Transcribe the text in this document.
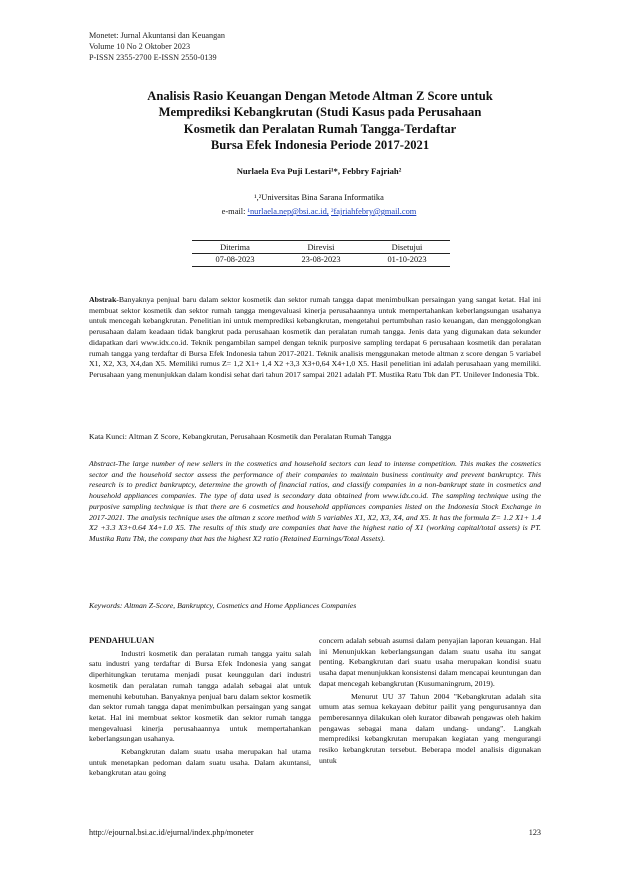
Monetet: Jurnal Akuntansi dan Keuangan
Volume 10 No 2 Oktober 2023
P-ISSN 2355-2700 E-ISSN 2550-0139
Analisis Rasio Keuangan Dengan Metode Altman Z Score untuk
Memprediksi Kebangkrutan (Studi Kasus pada Perusahaan
Kosmetik dan Peralatan Rumah Tangga-Terdaftar
Bursa Efek Indonesia Periode 2017-2021
Nurlaela Eva Puji Lestari¹*, Febbry Fajriah²
¹,²Universitas Bina Sarana Informatika
e-mail: ¹nurlaela.nep@bsi.ac.id, ²fajriahfebry@gmail.com
Diterima	Direvisi	Disetujui
07-08-2023	23-08-2023	01-10-2023
Abstrak-Banyaknya penjual baru dalam sektor kosmetik dan sektor rumah tangga dapat menimbulkan persaingan yang sangat ketat. Hal ini membuat sektor kosmetik dan sektor rumah tangga mengevaluasi kinerja perusahaannya untuk mempertahankan keberlangsungan usahanya untuk mencegah kebangkrutan. Penelitian ini untuk memprediksi kebangkrutan, mengetahui pertumbuhan rasio keuangan, dan menggolongkan perusahaan dalam keadaan tidak bangkrut pada perusahaan kosmetik dan peralatan rumah tangga. Jenis data yang digunakan data sekunder didapatkan dari www.idx.co.id. Teknik pengambilan sampel dengan teknik purposive sampling terdapat 6 perusahaan kosmetik dan peralatan rumah tangga yang terdaftar di Bursa Efek Indonesia tahun 2017-2021. Teknik analisis menggunakan metode altman z score dengan 5 variabel X1, X2, X3, X4,dan X5. Memiliki rumus Z= 1,2 X1+ 1,4 X2 +3,3 X3+0,64 X4+1,0 X5. Hasil penelitian ini adalah perusahaan yang memiliki. Perusahaan yang menunjukkan dalam kondisi sehat dari tahun 2017 sampai 2021 adalah PT. Mustika Ratu Tbk dan PT. Unilever Indonesia Tbk.
Kata Kunci: Altman Z Score, Kebangkrutan, Perusahaan Kosmetik dan Peralatan Rumah Tangga
Abstract-The large number of new sellers in the cosmetics and household sectors can lead to intense competition. This makes the cosmetics sector and the household sector assess the performance of their companies to maintain business continuity and prevent bankruptcy. This research is to predict bankruptcy, determine the growth of financial ratios, and classify companies in a non-bankrupt state in cosmetics and household appliances companies. The type of data used is secondary data obtained from www.idx.co.id. The sampling technique using the purposive sampling technique is that there are 6 cosmetics and household appliances companies listed on the Indonesia Stock Exchange in 2017-2021. The analysis technique uses the altman z score method with 5 variables X1, X2, X3, X4, and X5. It has the formula Z= 1.2 X1+ 1.4 X2 +3.3 X3+0.64 X4+1.0 X5. The results of this study are companies that have the highest ratio of X1 (working capital/total assets) is PT. Mustika Ratu Tbk, the company that has the highest X2 ratio (Retained Earnings/Total Assets).
Keywords: Altman Z-Score, Bankruptcy, Cosmetics and Home Appliances Companies
PENDAHULUAN

Industri kosmetik dan peralatan rumah tangga yaitu salah satu industri yang terdaftar di Bursa Efek Indonesia yang sangat diperhitungkan terutama menjadi pusat keunggulan dari industri kosmetik dan peralatan rumah tangga adalah sebagai alat untuk memenuhi kebutuhan. Banyaknya penjual baru dalam sektor kosmetik dan sektor rumah tangga dapat menimbulkan persaingan yang sangat ketat. Hal ini membuat sektor kosmetik dan sektor rumah tangga mengevaluasi kinerja perusahaannya untuk mempertahankan keberlangsungan usahanya.

Kebangkrutan dalam suatu usaha merupakan hal utama untuk menetapkan pedoman dalam suatu usaha. Dalam akuntansi, kebangkrutan atau going

concern adalah sebuah asumsi dalam penyajian laporan keuangan. Hal ini Menunjukkan keberlangsungan dalam suatu usaha itu sangat penting. Kebangkrutan dari suatu usaha merupakan kondisi suatu usaha dapat menunjukkan konsistensi dalam mencapai keuntungan dan dapat mencegah kebangkrutan (Kusumaningrum, 2019).

Menurut UU 37 Tahun 2004 "Kebangkrutan adalah sita umum atas semua kekayaan debitur pailit yang pengurusannya dan pemberesannya dilakukan oleh kurator dibawah pengawas oleh hakim pengawas sebagai mana dalam undang- undang". Langkah memprediksi kebangkrutan merupakan kegiatan yang mengurangi resiko kebangkrutan tersebut. Beberapa model analisis digunakan untuk

http://ejournal.bsi.ac.id/ejurnal/index.php/moneter	123
